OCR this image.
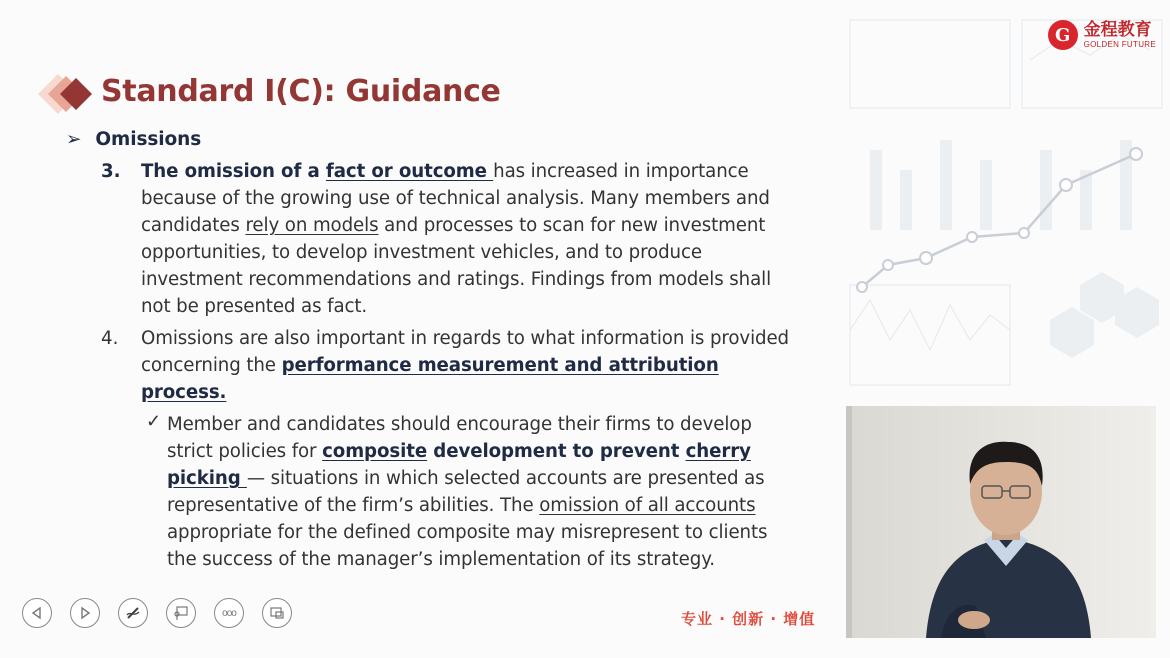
G 金程教育
GOLDEN FUTURE
Standard I(C): Guidance
➢ Omissions
3. The omission of a fact or outcome has increased in importance because of the growing use of technical analysis. Many members and candidates rely on models and processes to scan for new investment opportunities, to develop investment vehicles, and to produce investment recommendations and ratings. Findings from models shall not be presented as fact.
4. Omissions are also important in regards to what information is provided concerning the performance measurement and attribution process.
✓ Member and candidates should encourage their firms to develop strict policies for composite development to prevent cherry picking — situations in which selected accounts are presented as representative of the firm’s abilities. The omission of all accounts appropriate for the defined composite may misrepresent to clients the success of the manager’s implementation of its strategy.
ooo	专业 · 创新 · 增值
